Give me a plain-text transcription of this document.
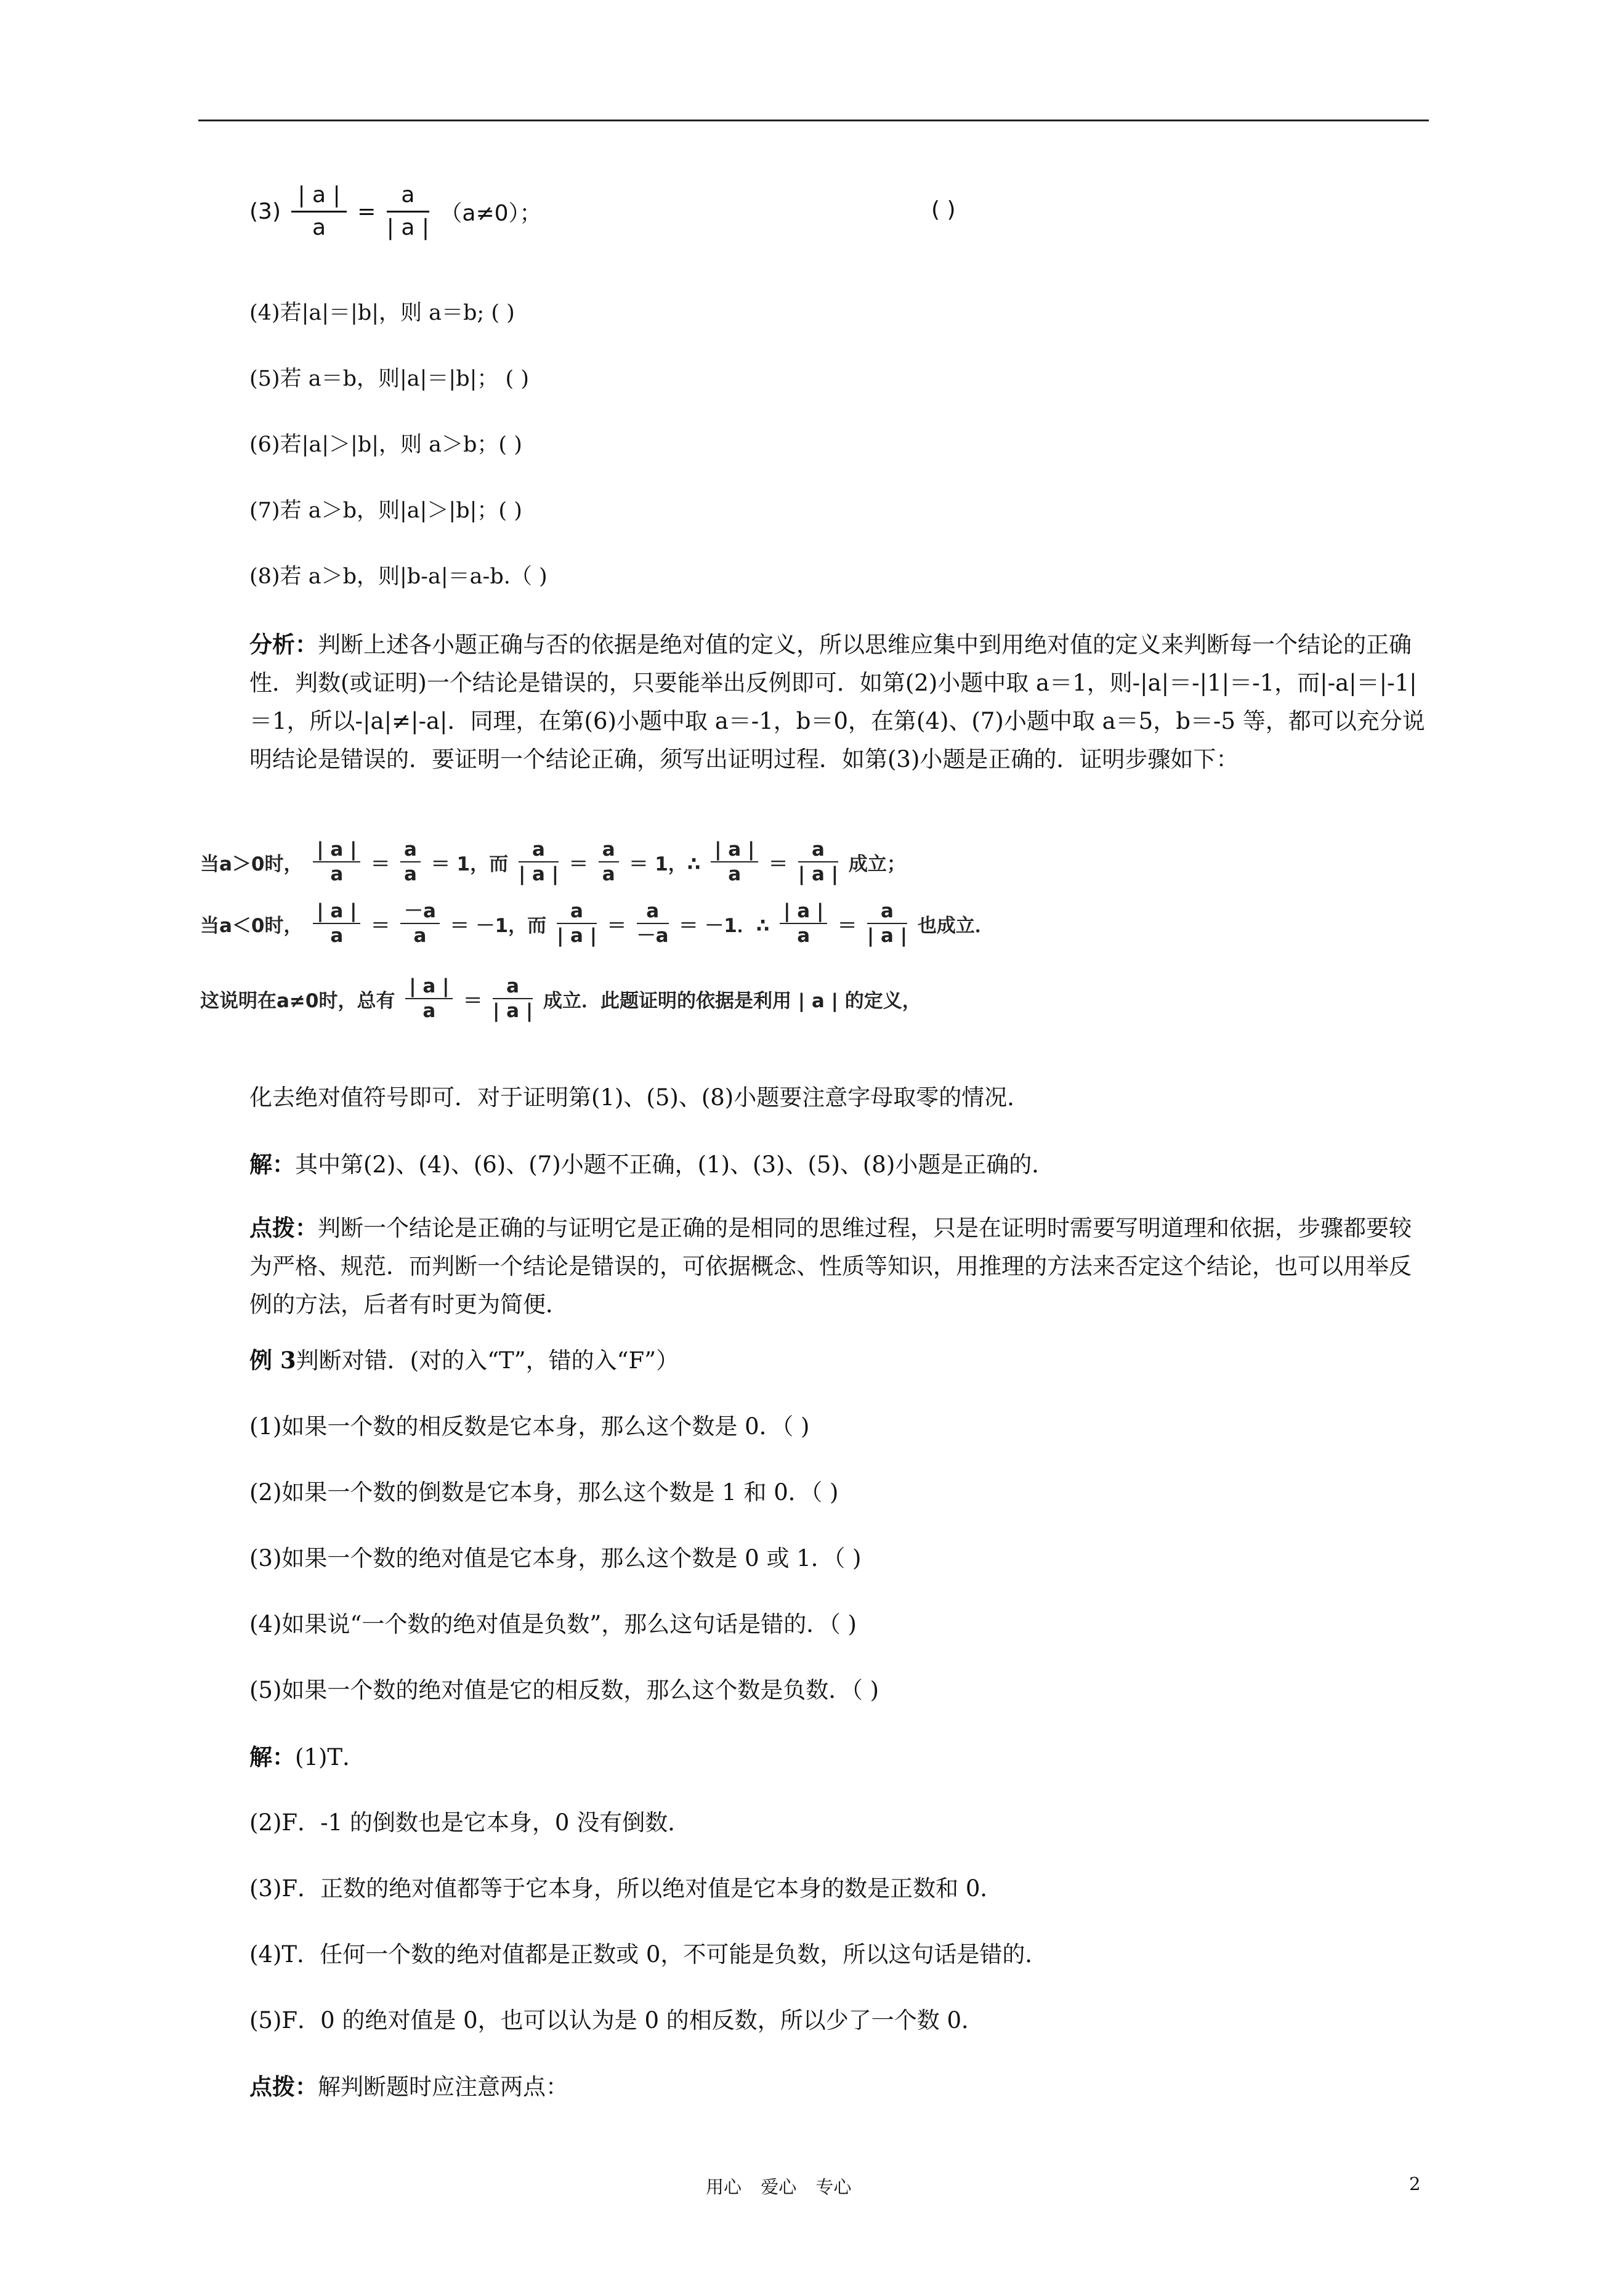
$(3) \frac{| a |}{a} = \frac{a}{| a |} (a\ne 0)$；	( )
(4)若|a|＝|b|，则 a＝b; ( )
(5)若 a＝b，则|a|＝|b|； ( )
(6)若|a|＞|b|，则 a＞b；( )
(7)若 a＞b，则|a|＞|b|；( )
(8)若 a＞b，则|b-a|＝a-b.（ )
分析：判断上述各小题正确与否的依据是绝对值的定义，所以思维应集中到用绝对值的定义来判断每一个结论的正确性．判数(或证明)一个结论是错误的，只要能举出反例即可．如第(2)小题中取 a＝1，则-|a|＝-|1|＝-1，而|-a|＝|-1|＝1，所以-|a|≠|-a|．同理，在第(6)小题中取 a＝-1，b＝0，在第(4)、(7)小题中取 a＝5，b＝-5 等，都可以充分说明结论是错误的．要证明一个结论正确，须写出证明过程．如第(3)小题是正确的．证明步骤如下：
当a＞0时， $\frac{| a |}{a} = \frac{a}{a} = 1$，而 $\frac{a}{| a |} = \frac{a}{a} = 1$，∴ $\frac{| a |}{a} = \frac{a}{| a |}$ 成立；
当a＜0时， $\frac{| a |}{a} = \frac{-a}{a} = -1$，而 $\frac{a}{| a |} = \frac{a}{-a} = -1$．∴ $\frac{| a |}{a} = \frac{a}{| a |}$ 也成立．
这说明在a≠0时，总有 $\frac{| a |}{a} = \frac{a}{| a |}$ 成立．此题证明的依据是利用 | a | 的定义，
化去绝对值符号即可．对于证明第(1)、(5)、(8)小题要注意字母取零的情况．
解：其中第(2)、(4)、(6)、(7)小题不正确，(1)、(3)、(5)、(8)小题是正确的．
点拨：判断一个结论是正确的与证明它是正确的是相同的思维过程，只是在证明时需要写明道理和依据，步骤都要较为严格、规范．而判断一个结论是错误的，可依据概念、性质等知识，用推理的方法来否定这个结论，也可以用举反例的方法，后者有时更为简便．
例 3判断对错．(对的入“T”，错的入“F”）
(1)如果一个数的相反数是它本身，那么这个数是 0．（ )
(2)如果一个数的倒数是它本身，那么这个数是 1 和 0．（ )
(3)如果一个数的绝对值是它本身，那么这个数是 0 或 1．（ )
(4)如果说“一个数的绝对值是负数”，那么这句话是错的．（ )
(5)如果一个数的绝对值是它的相反数，那么这个数是负数．（ )
解：(1)T．
(2)F．-1 的倒数也是它本身，0 没有倒数．
(3)F．正数的绝对值都等于它本身，所以绝对值是它本身的数是正数和 0．
(4)T．任何一个数的绝对值都是正数或 0，不可能是负数，所以这句话是错的．
(5)F．0 的绝对值是 0，也可以认为是 0 的相反数，所以少了一个数 0．
点拨：解判断题时应注意两点：
用心 爱心 专心	2
